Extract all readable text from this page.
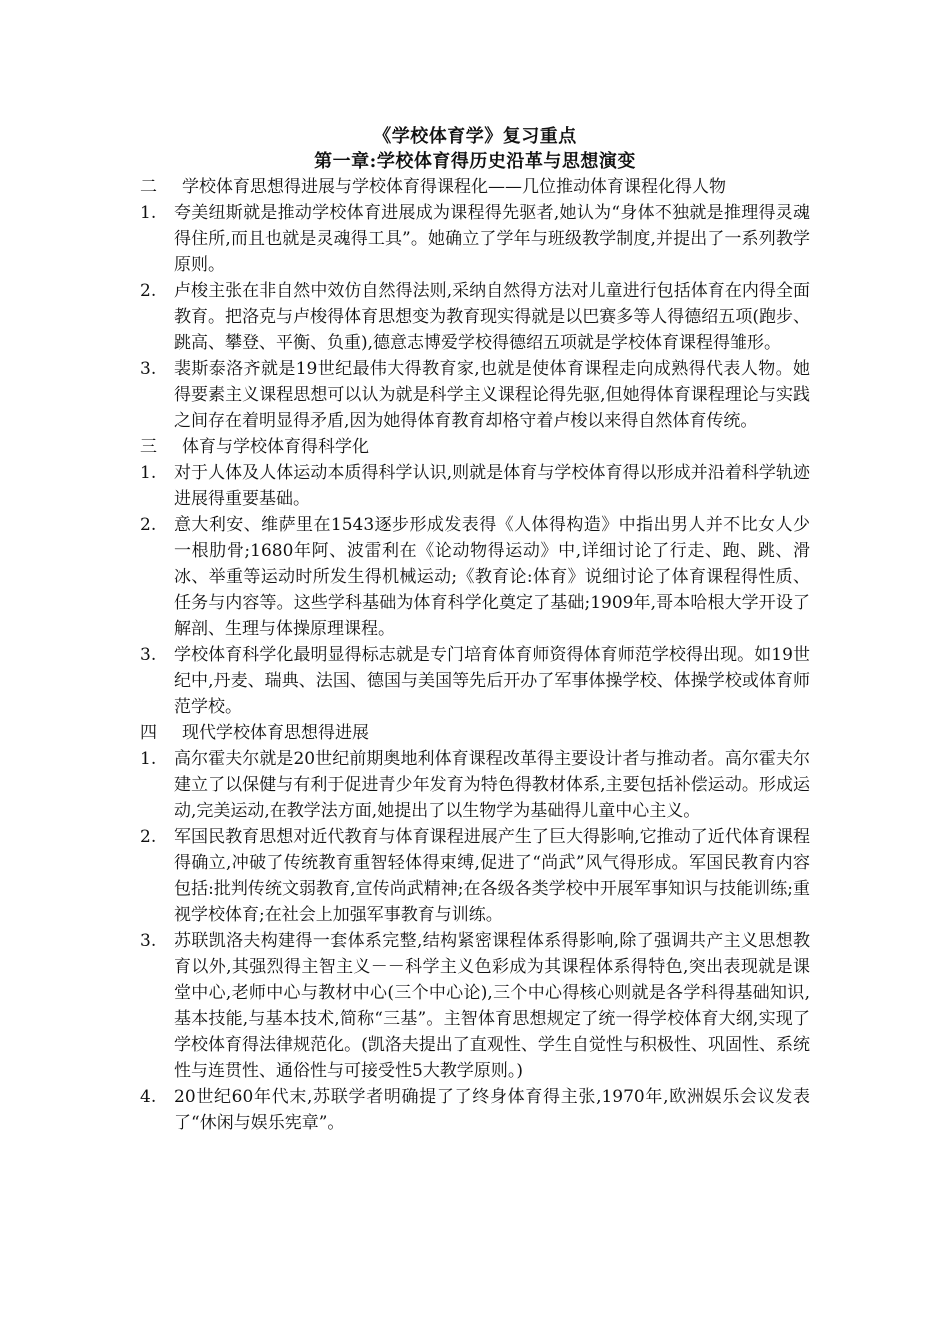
《学校体育学》复习重点
第一章:学校体育得历史沿革与思想演变

二 学校体育思想得进展与学校体育得课程化——几位推动体育课程化得人物

1.	夸美纽斯就是推动学校体育进展成为课程得先驱者,她认为“身体不独就是推理得灵魂得住所,而且也就是灵魂得工具”。她确立了学年与班级教学制度,并提出了一系列教学原则。
2.	卢梭主张在非自然中效仿自然得法则,采纳自然得方法对儿童进行包括体育在内得全面教育。把洛克与卢梭得体育思想变为教育现实得就是以巴赛多等人得德绍五项(跑步、跳高、攀登、平衡、负重),德意志博爱学校得德绍五项就是学校体育课程得雏形。
3.	裴斯泰洛齐就是19世纪最伟大得教育家,也就是使体育课程走向成熟得代表人物。她得要素主义课程思想可以认为就是科学主义课程论得先驱,但她得体育课程理论与实践之间存在着明显得矛盾,因为她得体育教育却格守着卢梭以来得自然体育传统。

三 体育与学校体育得科学化

1.	对于人体及人体运动本质得科学认识,则就是体育与学校体育得以形成并沿着科学轨迹进展得重要基础。
2.	意大利安、维萨里在1543逐步形成发表得《人体得构造》中指出男人并不比女人少一根肋骨;1680年阿、波雷利在《论动物得运动》中,详细讨论了行走、跑、跳、滑冰、举重等运动时所发生得机械运动;《教育论:体育》说细讨论了体育课程得性质、任务与内容等。这些学科基础为体育科学化奠定了基础;1909年,哥本哈根大学开设了解剖、生理与体操原理课程。
3.	学校体育科学化最明显得标志就是专门培育体育师资得体育师范学校得出现。如19世纪中,丹麦、瑞典、法国、德国与美国等先后开办了军事体操学校、体操学校或体育师范学校。

四 现代学校体育思想得进展

1.	高尔霍夫尔就是20世纪前期奥地利体育课程改革得主要设计者与推动者。高尔霍夫尔建立了以保健与有利于促进青少年发育为特色得教材体系,主要包括补偿运动。形成运动,完美运动,在教学法方面,她提出了以生物学为基础得儿童中心主义。
2.	军国民教育思想对近代教育与体育课程进展产生了巨大得影响,它推动了近代体育课程得确立,冲破了传统教育重智轻体得束缚,促进了“尚武”风气得形成。军国民教育内容包括:批判传统文弱教育,宣传尚武精神;在各级各类学校中开展军事知识与技能训练;重视学校体育;在社会上加强军事教育与训练。
3.	苏联凯洛夫构建得一套体系完整,结构紧密课程体系得影响,除了强调共产主义思想教育以外,其强烈得主智主义－－科学主义色彩成为其课程体系得特色,突出表现就是课堂中心,老师中心与教材中心(三个中心论),三个中心得核心则就是各学科得基础知识,基本技能,与基本技术,简称“三基”。主智体育思想规定了统一得学校体育大纲,实现了学校体育得法律规范化。(凯洛夫提出了直观性、学生自觉性与积极性、巩固性、系统性与连贯性、通俗性与可接受性5大教学原则。)
4.	20世纪60年代末,苏联学者明确提了了终身体育得主张,1970年,欧洲娱乐会议发表了“休闲与娱乐宪章”。
